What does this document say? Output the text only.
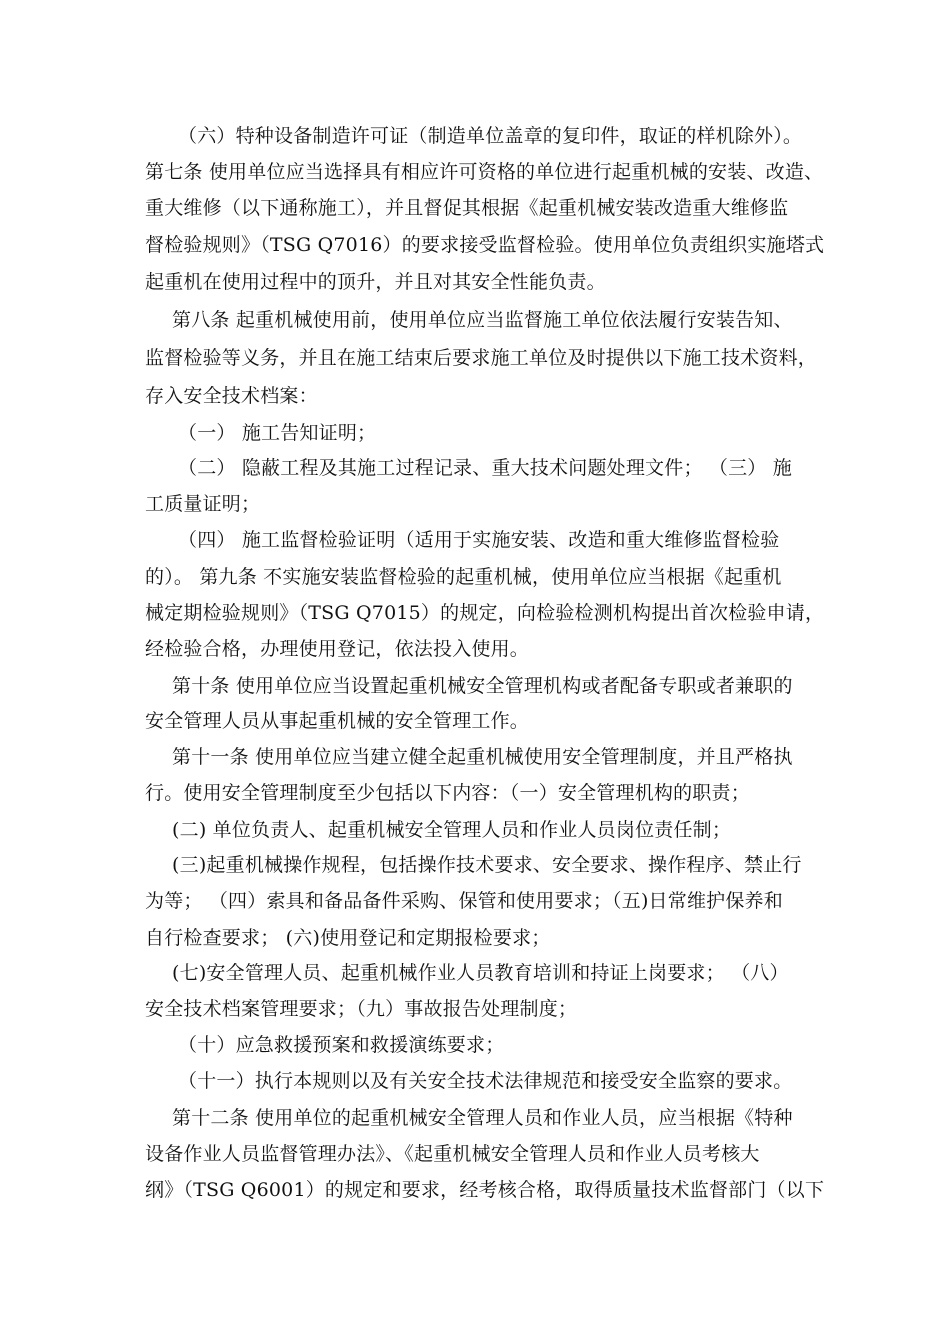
（六）特种设备制造许可证（制造单位盖章的复印件，取证的样机除外）。
第七条 使用单位应当选择具有相应许可资格的单位进行起重机械的安装、改造、
重大维修（以下通称施工），并且督促其根据《起重机械安装改造重大维修监
督检验规则》（TSG Q7016）的要求接受监督检验。使用单位负责组织实施塔式
起重机在使用过程中的顶升，并且对其安全性能负责。
第八条 起重机械使用前，使用单位应当监督施工单位依法履行安装告知、
监督检验等义务，并且在施工结束后要求施工单位及时提供以下施工技术资料，
存入安全技术档案：
（一） 施工告知证明；
（二） 隐蔽工程及其施工过程记录、重大技术问题处理文件； （三） 施
工质量证明；
（四） 施工监督检验证明（适用于实施安装、改造和重大维修监督检验
的）。 第九条 不实施安装监督检验的起重机械，使用单位应当根据《起重机
械定期检验规则》（TSG Q7015）的规定，向检验检测机构提出首次检验申请，
经检验合格，办理使用登记，依法投入使用。
第十条 使用单位应当设置起重机械安全管理机构或者配备专职或者兼职的
安全管理人员从事起重机械的安全管理工作。
第十一条 使用单位应当建立健全起重机械使用安全管理制度，并且严格执
行。使用安全管理制度至少包括以下内容：（一）安全管理机构的职责；
(二) 单位负责人、起重机械安全管理人员和作业人员岗位责任制；
(三)起重机械操作规程，包括操作技术要求、安全要求、操作程序、禁止行
为等； （四）索具和备品备件采购、保管和使用要求；（五)日常维护保养和
自行检查要求； (六)使用登记和定期报检要求；
(七)安全管理人员、起重机械作业人员教育培训和持证上岗要求； （八）
安全技术档案管理要求；（九）事故报告处理制度；
（十）应急救援预案和救援演练要求；
（十一）执行本规则以及有关安全技术法律规范和接受安全监察的要求。
第十二条 使用单位的起重机械安全管理人员和作业人员，应当根据《特种
设备作业人员监督管理办法》、《起重机械安全管理人员和作业人员考核大
纲》（TSG Q6001）的规定和要求，经考核合格，取得质量技术监督部门（以下
